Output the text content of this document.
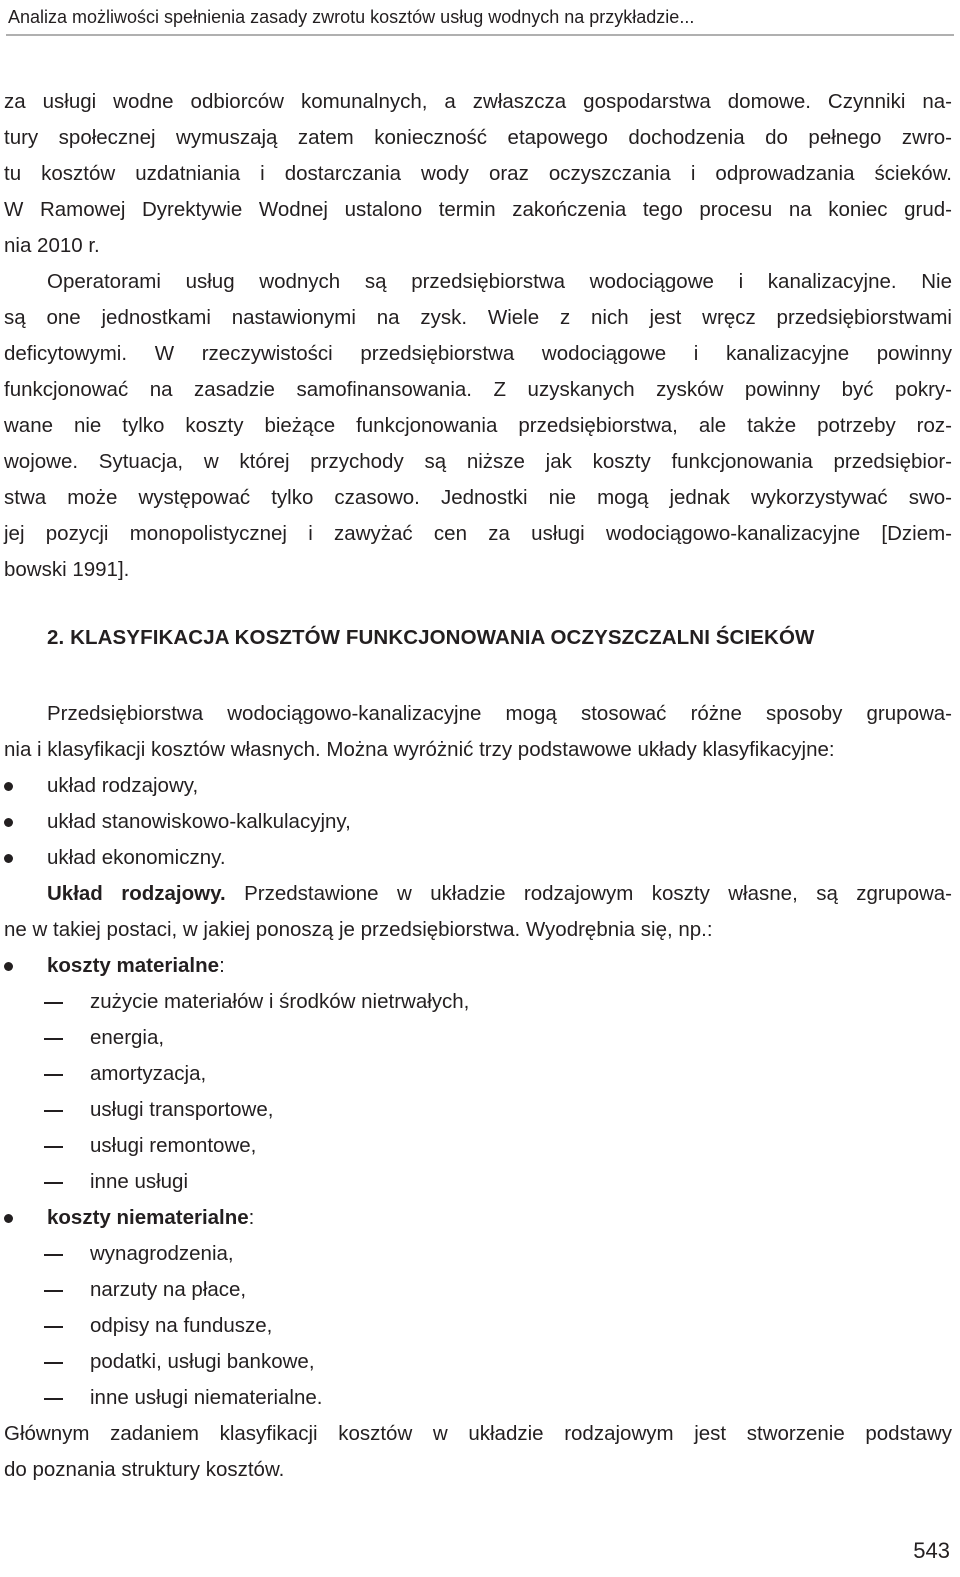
Analiza możliwości spełnienia zasady zwrotu kosztów usług wodnych na przykładzie...

za usługi wodne odbiorców komunalnych, a zwłaszcza gospodarstwa domowe. Czynniki na-

tury społecznej wymuszają zatem konieczność etapowego dochodzenia do pełnego zwro-

tu kosztów uzdatniania i dostarczania wody oraz oczyszczania i odprowadzania ścieków.

W Ramowej Dyrektywie Wodnej ustalono termin zakończenia tego procesu na koniec grud-

nia 2010 r.

Operatorami usług wodnych są przedsiębiorstwa wodociągowe i kanalizacyjne. Nie

są one jednostkami nastawionymi na zysk. Wiele z nich jest wręcz przedsiębiorstwami

deficytowymi. W rzeczywistości przedsiębiorstwa wodociągowe i kanalizacyjne powinny

funkcjonować na zasadzie samofinansowania. Z uzyskanych zysków powinny być pokry-

wane nie tylko koszty bieżące funkcjonowania przedsiębiorstwa, ale także potrzeby roz-

wojowe. Sytuacja, w której przychody są niższe jak koszty funkcjonowania przedsiębior-

stwa może występować tylko czasowo. Jednostki nie mogą jednak wykorzystywać swo-

jej pozycji monopolistycznej i zawyżać cen za usługi wodociągowo-kanalizacyjne [Dziem-

bowski 1991].

2. KLASYFIKACJA KOSZTÓW FUNKCJONOWANIA OCZYSZCZALNI ŚCIEKÓW

Przedsiębiorstwa wodociągowo-kanalizacyjne mogą stosować różne sposoby grupowa-

nia i klasyfikacji kosztów własnych. Można wyróżnić trzy podstawowe układy klasyfikacyjne:

układ rodzajowy,

układ stanowiskowo-kalkulacyjny,

układ ekonomiczny.

Układ rodzajowy. Przedstawione w układzie rodzajowym koszty własne, są zgrupowa-

ne w takiej postaci, w jakiej ponoszą je przedsiębiorstwa. Wyodrębnia się, np.:

koszty materialne:

zużycie materiałów i środków nietrwałych,

energia,

amortyzacja,

usługi transportowe,

usługi remontowe,

inne usługi

koszty niematerialne:

wynagrodzenia,

narzuty na płace,

odpisy na fundusze,

podatki, usługi bankowe,

inne usługi niematerialne.

Głównym zadaniem klasyfikacji kosztów w układzie rodzajowym jest stworzenie podstawy

do poznania struktury kosztów.

543
